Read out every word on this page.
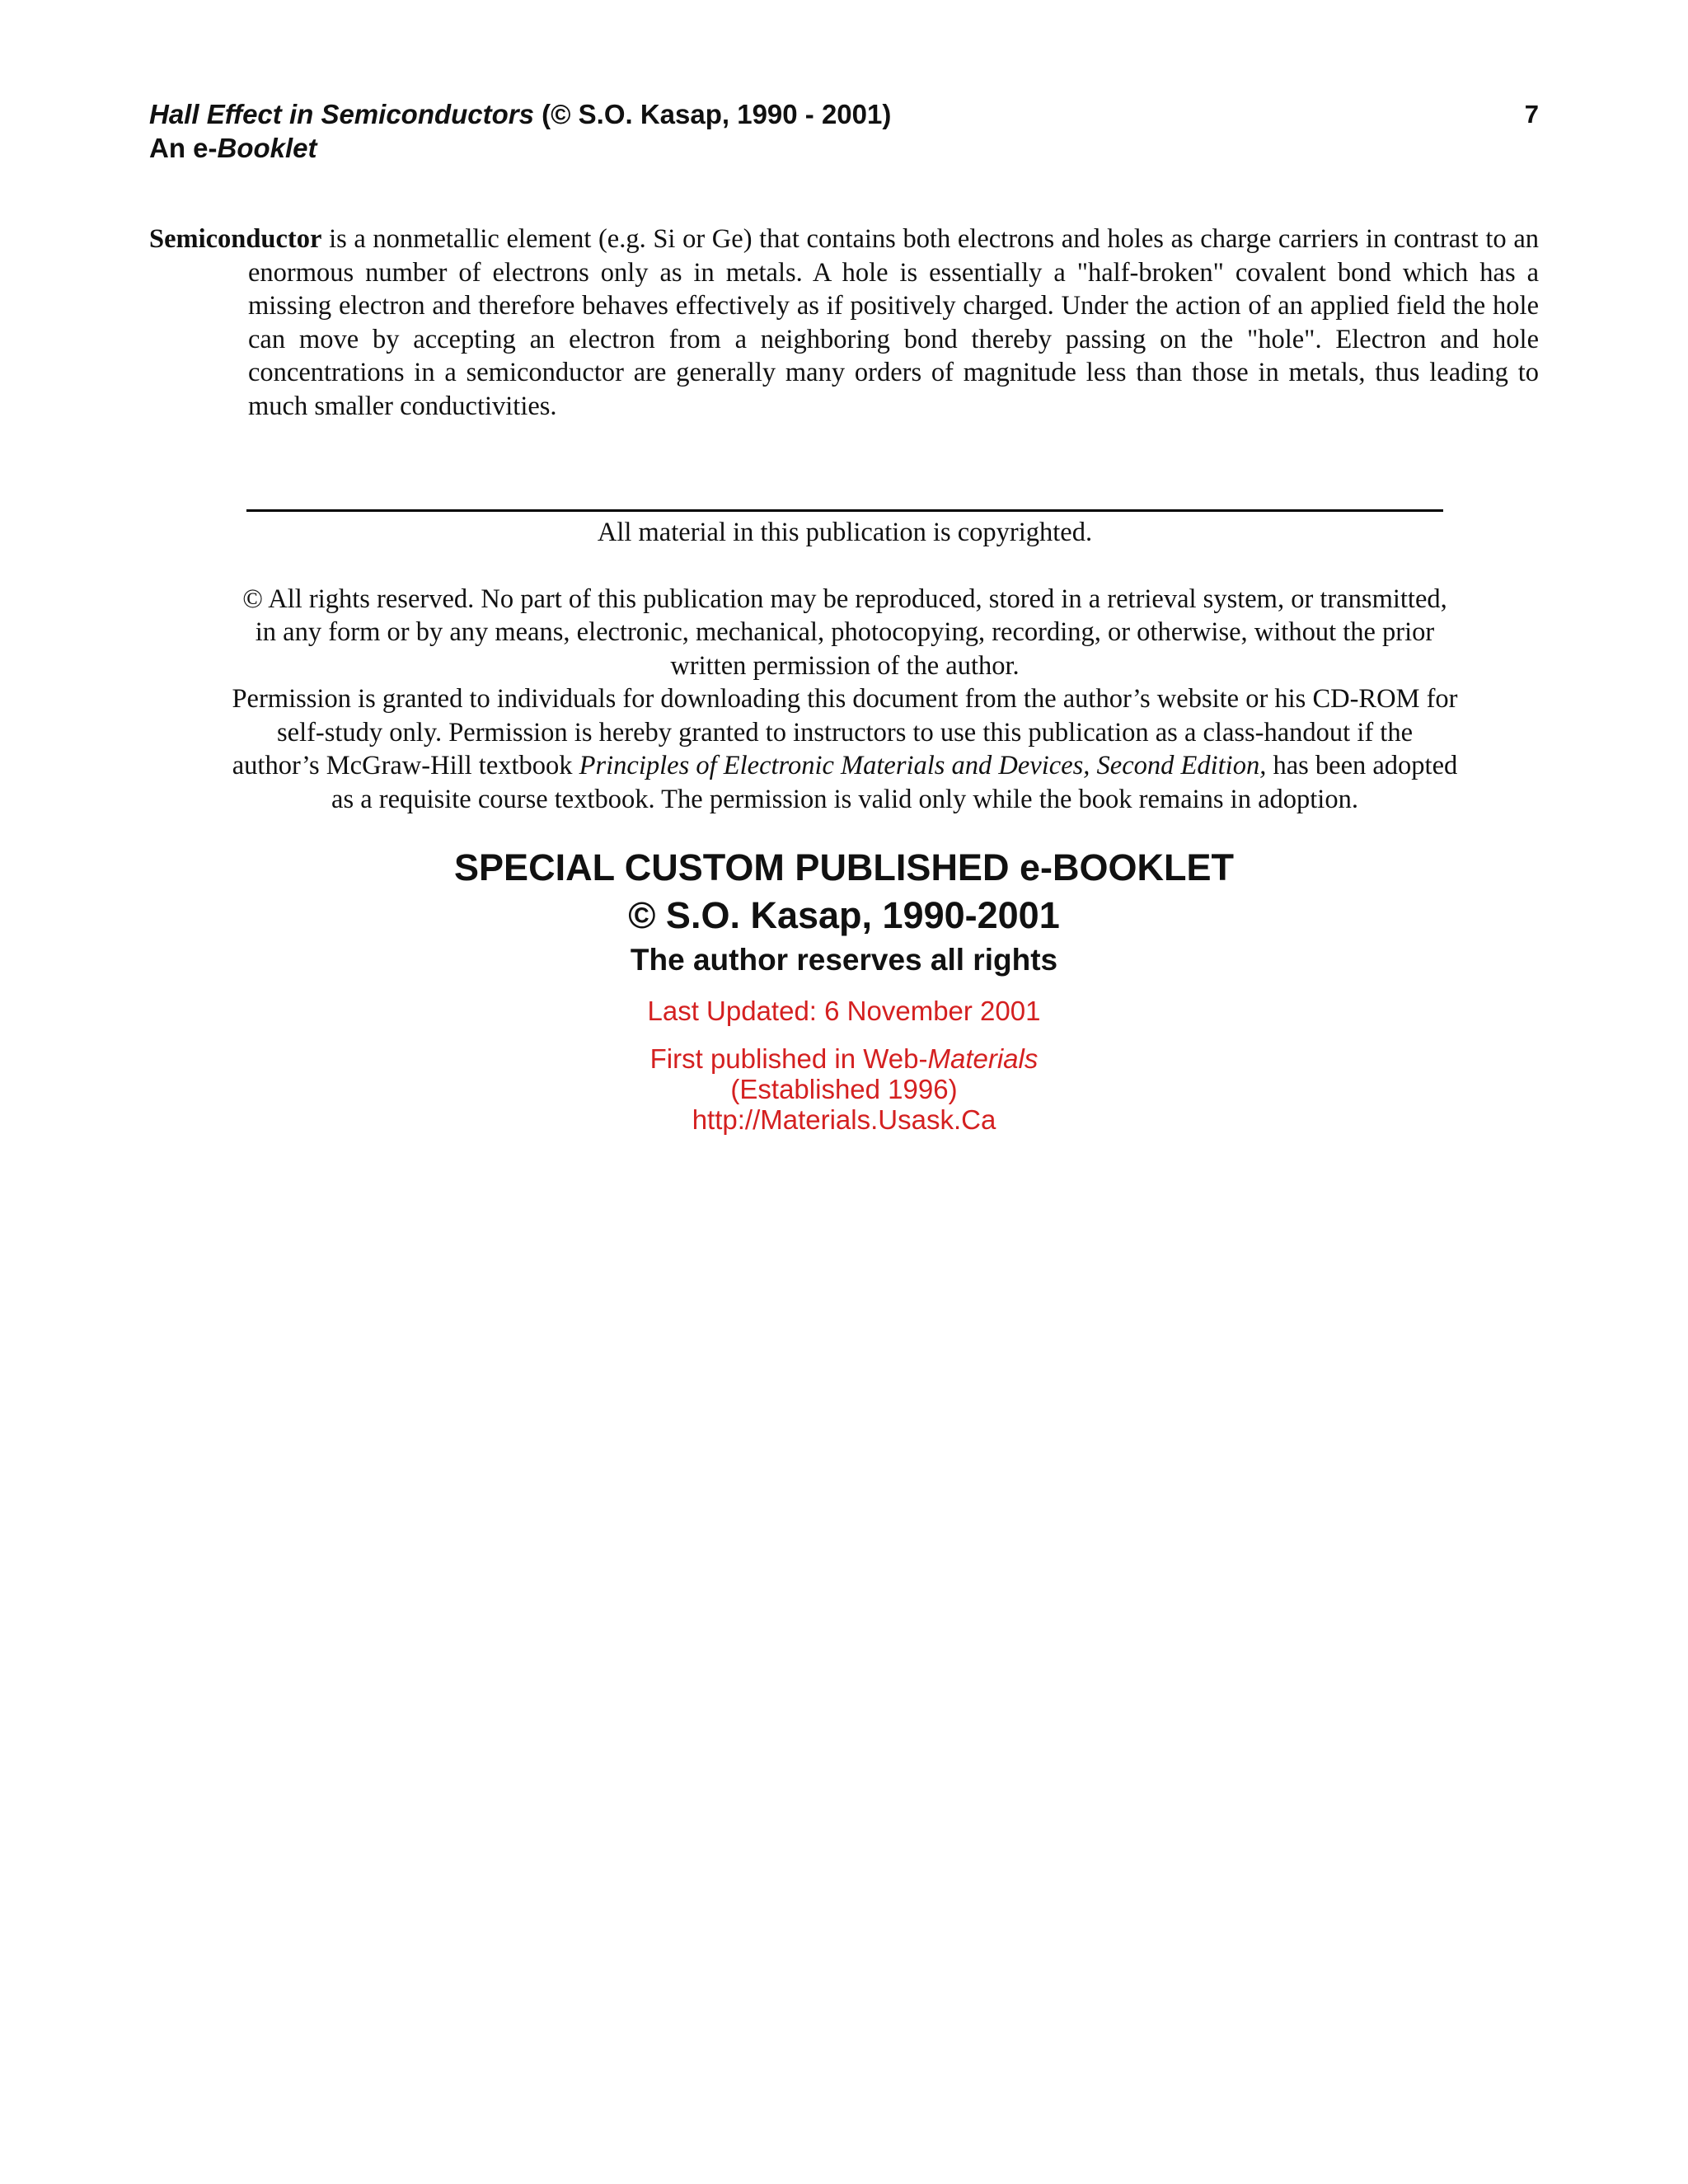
Hall Effect in Semiconductors (© S.O. Kasap, 1990 - 2001)
An e-Booklet
7
Semiconductor is a nonmetallic element (e.g. Si or Ge) that contains both electrons and holes as charge carriers in contrast to an enormous number of electrons only as in metals. A hole is essentially a "half-broken" covalent bond which has a missing electron and therefore behaves effectively as if positively charged. Under the action of an applied field the hole can move by accepting an electron from a neighboring bond thereby passing on the "hole". Electron and hole concentrations in a semiconductor are generally many orders of magnitude less than those in metals, thus leading to much smaller conductivities.

All material in this publication is copyrighted.

© All rights reserved. No part of this publication may be reproduced, stored in a retrieval system, or transmitted, in any form or by any means, electronic, mechanical, photocopying, recording, or otherwise, without the prior written permission of the author.

Permission is granted to individuals for downloading this document from the author’s website or his CD-ROM for self-study only. Permission is hereby granted to instructors to use this publication as a class-handout if the author’s McGraw-Hill textbook Principles of Electronic Materials and Devices, Second Edition, has been adopted as a requisite course textbook. The permission is valid only while the book remains in adoption.

SPECIAL CUSTOM PUBLISHED e-BOOKLET
© S.O. Kasap, 1990-2001
The author reserves all rights
Last Updated: 6 November 2001
First published in Web-Materials
(Established 1996)
http://Materials.Usask.Ca
